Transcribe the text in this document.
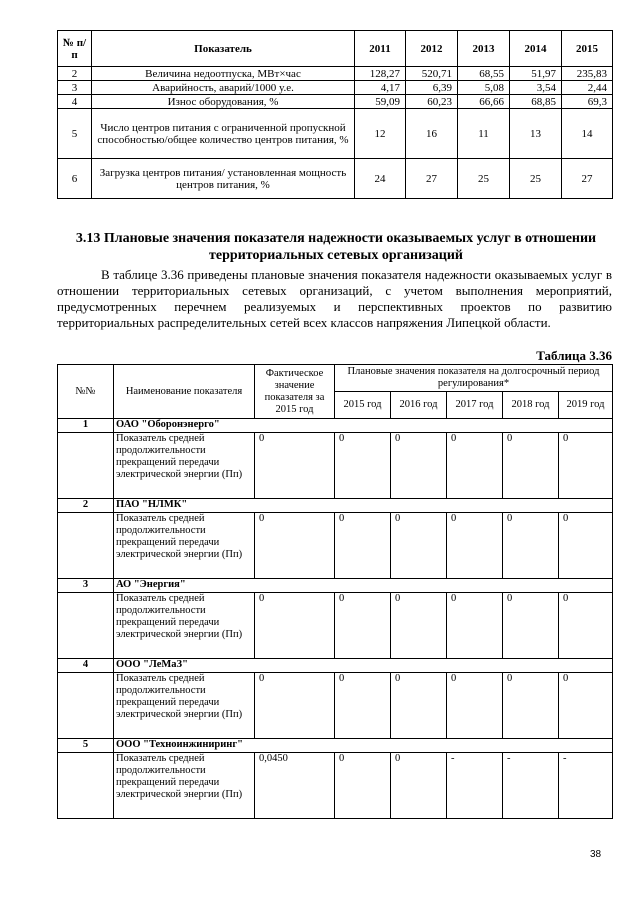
№ п/п	Показатель	2011	2012	2013	2014	2015
2	Величина недоотпуска, МВт×час	128,27	520,71	68,55	51,97	235,83
3	Аварийность, аварий/1000 у.е.	4,17	6,39	5,08	3,54	2,44
4	Износ оборудования, %	59,09	60,23	66,66	68,85	69,3
5	Число центров питания с ограниченной пропускной способностью/общее количество центров питания, %	12	16	11	13	14
6	Загрузка центров питания/ установленная мощность центров питания, %	24	27	25	25	27
3.13 Плановые значения показателя надежности оказываемых услуг в отношении территориальных сетевых организаций
В таблице 3.36 приведены плановые значения показателя надежности оказываемых услуг в отношении территориальных сетевых организаций, с учетом выполнения мероприятий, предусмотренных перечнем реализуемых и перспективных проектов по развитию территориальных распределительных сетей всех классов напряжения Липецкой области.
Таблица 3.36
№№	Наименование показателя	Фактическое значение показателя за 2015 год	Плановые значения показателя на долгосрочный период регулирования*				
			2015 год	2016 год	2017 год	2018 год	2019 год
1	ОАО "Оборонэнерго"						
	Показатель средней продолжительности прекращений передачи электрической энергии (Пп)	0	0	0	0	0	0
2	ПАО "НЛМК"						
	Показатель средней продолжительности прекращений передачи электрической энергии (Пп)	0	0	0	0	0	0
3	АО "Энергия"						
	Показатель средней продолжительности прекращений передачи электрической энергии (Пп)	0	0	0	0	0	0
4	ООО "ЛеМаЗ"						
	Показатель средней продолжительности прекращений передачи электрической энергии (Пп)	0	0	0	0	0	0
5	ООО "Техноинжиниринг"						
	Показатель средней продолжительности прекращений передачи электрической энергии (Пп)	0,0450	0	0	-	-	-
38
